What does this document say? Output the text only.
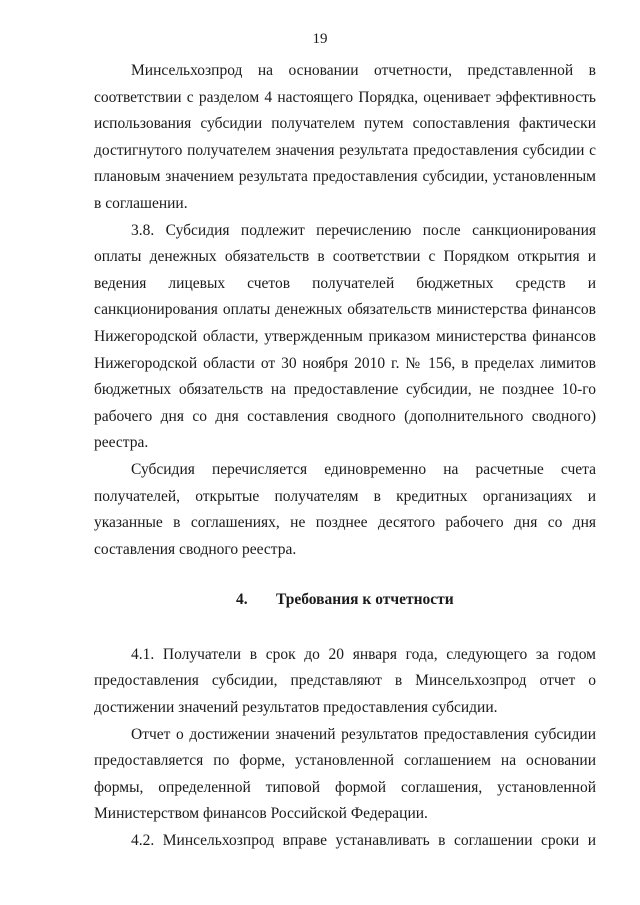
19

Минсельхозпрод на основании отчетности, представленной в соответствии с разделом 4 настоящего Порядка, оценивает эффективность использования субсидии получателем путем сопоставления фактически достигнутого получателем значения результата предоставления субсидии с плановым значением результата предоставления субсидии, установленным в соглашении.

3.8. Субсидия подлежит перечислению после санкционирования оплаты денежных обязательств в соответствии с Порядком открытия и ведения лицевых счетов получателей бюджетных средств и санкционирования оплаты денежных обязательств министерства финансов Нижегородской области, утвержденным приказом министерства финансов Нижегородской области от 30 ноября 2010 г. № 156, в пределах лимитов бюджетных обязательств на предоставление субсидии, не позднее 10-го рабочего дня со дня составления сводного (дополнительного сводного) реестра.

Субсидия перечисляется единовременно на расчетные счета получателей, открытые получателям в кредитных организациях и указанные в соглашениях, не позднее десятого рабочего дня со дня составления сводного реестра.

4. Требования к отчетности

4.1. Получатели в срок до 20 января года, следующего за годом предоставления субсидии, представляют в Минсельхозпрод отчет о достижении значений результатов предоставления субсидии.

Отчет о достижении значений результатов предоставления субсидии предоставляется по форме, установленной соглашением на основании формы, определенной типовой формой соглашения, установленной Министерством финансов Российской Федерации.

4.2. Минсельхозпрод вправе устанавливать в соглашении сроки и
